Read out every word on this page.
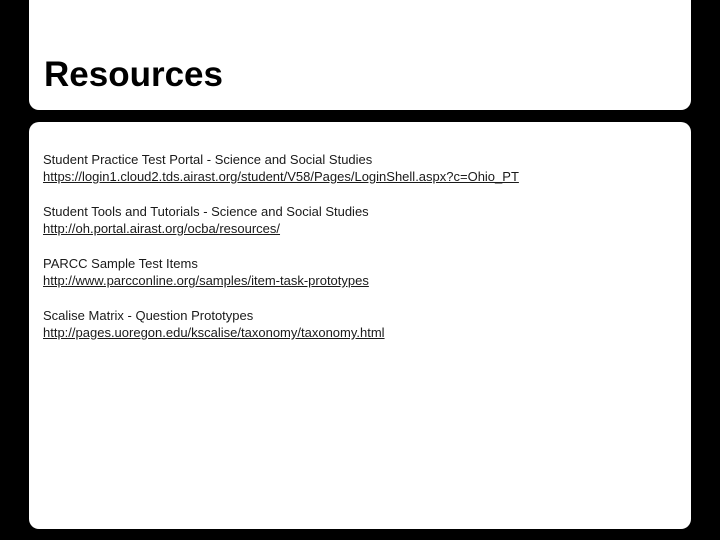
Resources
Student Practice Test Portal - Science and Social Studies
https://login1.cloud2.tds.airast.org/student/V58/Pages/LoginShell.aspx?c=Ohio_PT
Student Tools and Tutorials - Science and Social Studies
http://oh.portal.airast.org/ocba/resources/
PARCC Sample Test Items
http://www.parcconline.org/samples/item-task-prototypes
Scalise Matrix - Question Prototypes
http://pages.uoregon.edu/kscalise/taxonomy/taxonomy.html
